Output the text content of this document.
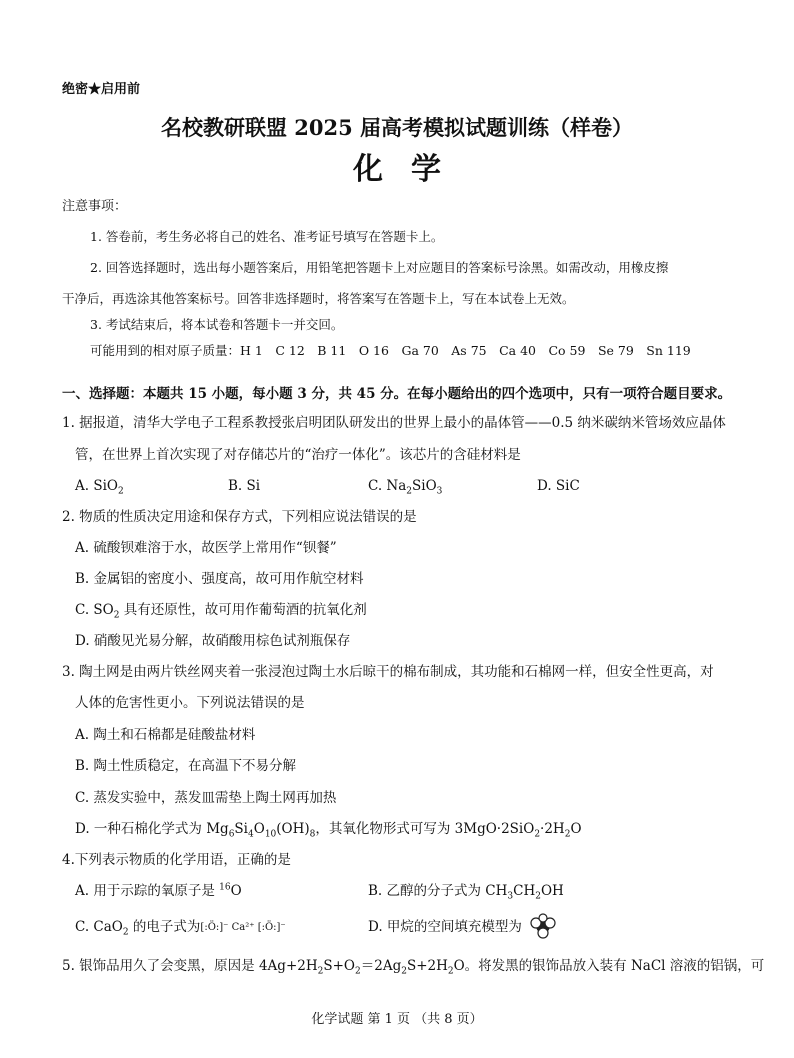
绝密★启用前
名校教研联盟 2025 届高考模拟试题训练（样卷）
化学
注意事项：
1. 答卷前，考生务必将自己的姓名、准考证号填写在答题卡上。
2. 回答选择题时，选出每小题答案后，用铅笔把答题卡上对应题目的答案标号涂黑。如需改动，用橡皮擦
干净后，再选涂其他答案标号。回答非选择题时，将答案写在答题卡上，写在本试卷上无效。
3. 考试结束后，将本试卷和答题卡一并交回。
可能用到的相对原子质量：H 1　C 12　B 11　O 16　Ga 70　As 75　Ca 40　Co 59　Se 79　Sn 119
一、选择题：本题共 15 小题，每小题 3 分，共 45 分。在每小题给出的四个选项中，只有一项符合题目要求。
1. 据报道，清华大学电子工程系教授张启明团队研发出的世界上最小的晶体管——0.5 纳米碳纳米管场效应晶体
管，在世界上首次实现了对存储芯片的“治疗一体化”。该芯片的含硅材料是
A. SiO$_2$	B. Si	C. $Na_2SiO_3$	D. SiC
2. 物质的性质决定用途和保存方式，下列相应说法错误的是
A. 硫酸钡难溶于水，故医学上常用作“钡餐”
B. 金属铝的密度小、强度高，故可用作航空材料
C. $SO_2$ 具有还原性，故可用作葡萄酒的抗氧化剂
D. 硝酸见光易分解，故硝酸用棕色试剂瓶保存
3. 陶土网是由两片铁丝网夹着一张浸泡过陶土水后晾干的棉布制成，其功能和石棉网一样，但安全性更高，对
人体的危害性更小。下列说法错误的是
A. 陶土和石棉都是硅酸盐材料
B. 陶土性质稳定，在高温下不易分解
C. 蒸发实验中，蒸发皿需垫上陶土网再加热
D. 一种石棉化学式为 $Mg_6Si_4O_{10}(OH)_8$，其氧化物形式可写为 $3MgO\cdot 2SiO_2\cdot 2H_2O$
4.下列表示物质的化学用语，正确的是
A. 用于示踪的氧原子是 $^{16}$O	B. 乙醇的分子式为 $CH_3CH_2OH$
C. CaO$_2$ 的电子式为[:Ö:]⁻ Ca²⁺ [:Ö:]⁻	D. 甲烷的空间填充模型为
5. 银饰品用久了会变黑，原因是 $4Ag+2H_2S+O_2=2Ag_2S+2H_2O$。将发黑的银饰品放入装有 NaCl 溶液的铝锅，可
化学试题 第 1 页 （共 8 页）
